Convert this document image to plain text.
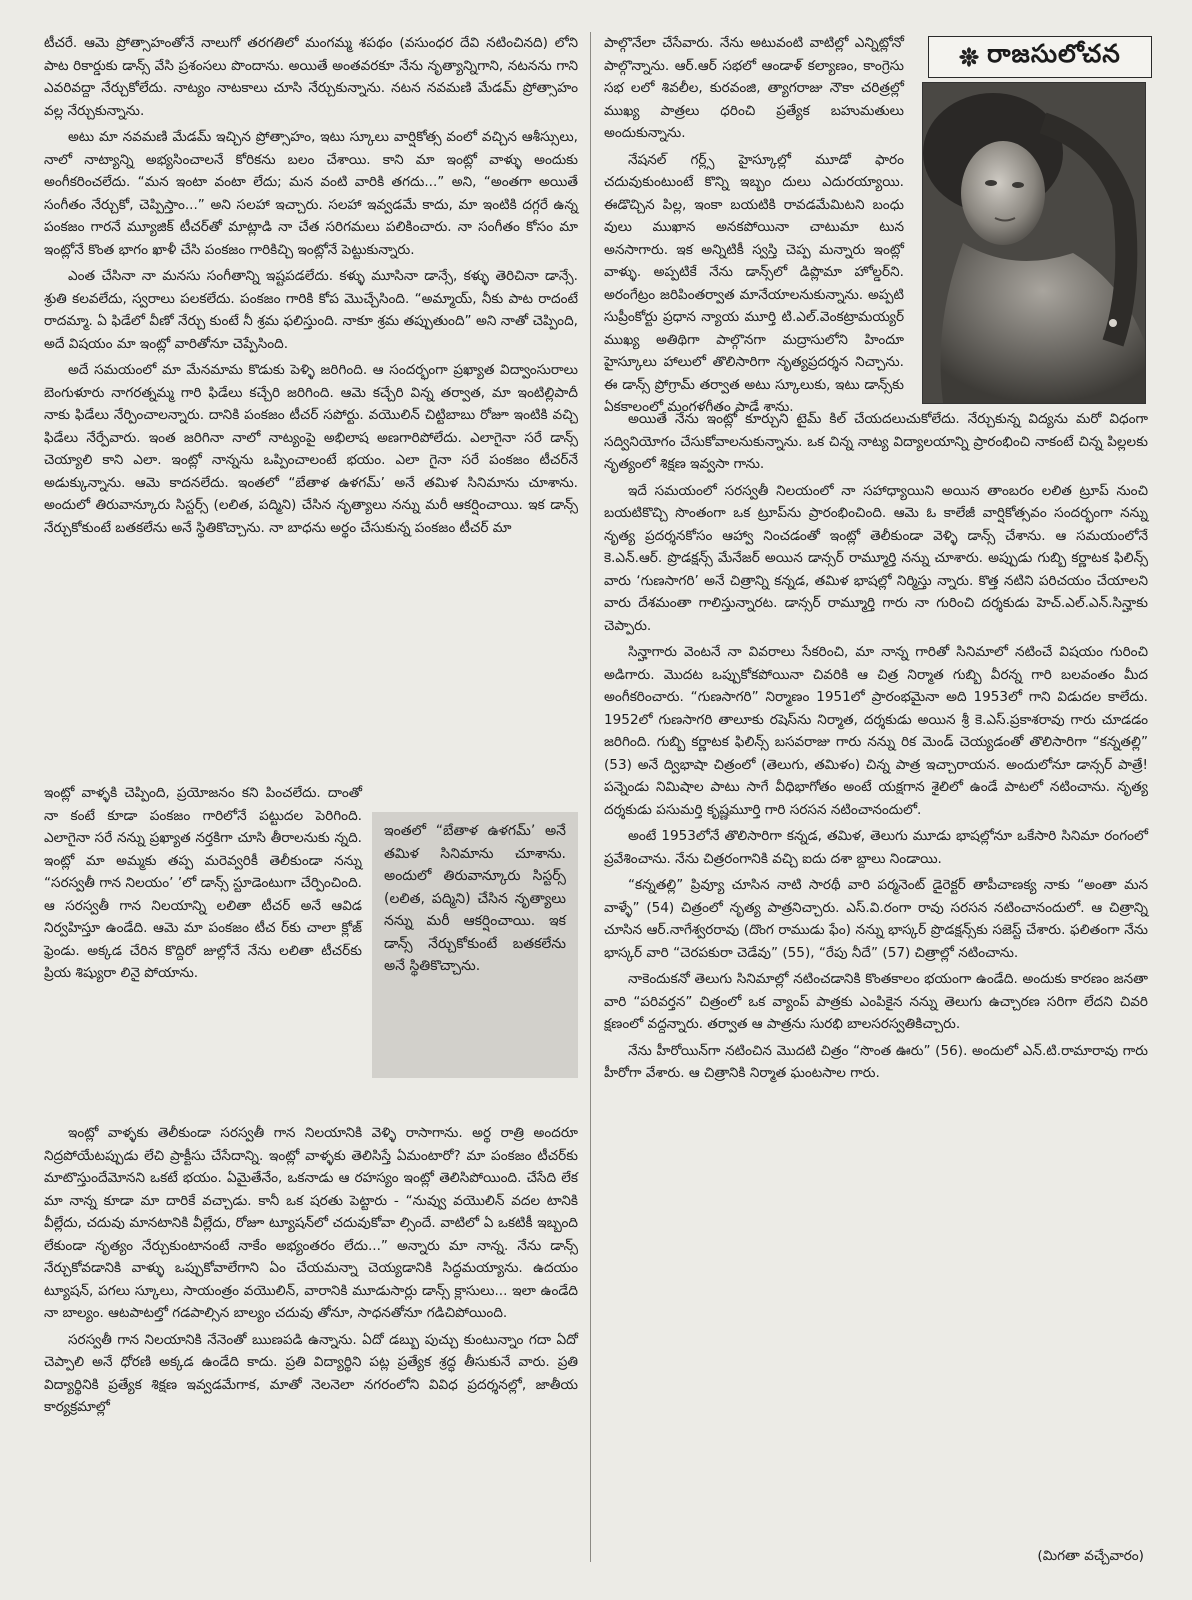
టీచరే. ఆమె ప్రోత్సాహంతోనే నాలుగో తరగతిలో మంగమ్మ శపథం (వసుంధర దేవి నటించినది) లోని పాట రికార్డుకు డాన్స్ వేసి ప్రశంసలు పొందాను. అయితే అంతవరకూ నేను నృత్యాన్నిగాని, నటనను గాని ఎవరివద్దా నేర్చుకోలేదు. నాట్యం నాటకాలు చూసి నేర్చుకున్నాను. నటన నవమణి మేడమ్ ప్రోత్సాహం వల్ల నేర్చుకున్నాను.

అటు మా నవమణి మేడమ్ ఇచ్చిన ప్రోత్సాహం, ఇటు స్కూలు వార్షికోత్స వంలో వచ్చిన ఆశీస్సులు, నాలో నాట్యాన్ని అభ్యసించాలనే కోరికను బలం చేశాయి. కాని మా ఇంట్లో వాళ్ళు అందుకు అంగీకరించలేదు. “మన ఇంటా వంటా లేదు; మన వంటి వారికి తగదు...” అని, “అంతగా అయితే సంగీతం నేర్చుకో, చెప్పిస్తాం...” అని సలహా ఇచ్చారు. సలహా ఇవ్వడమే కాదు, మా ఇంటికి దగ్గరే ఉన్న పంకజం గారనే మ్యూజిక్ టీచర్‌తో మాట్లాడి నా చేత సరిగమలు పలికించారు. నా సంగీతం కోసం మా ఇంట్లోనే కొంత భాగం ఖాళీ చేసి పంకజం గారికిచ్చి ఇంట్లోనే పెట్టుకున్నారు.

ఎంత చేసినా నా మనసు సంగీతాన్ని ఇష్టపడలేదు. కళ్ళు మూసినా డాన్సే, కళ్ళు తెరిచినా డాన్సే. శ్రుతి కలవలేదు, స్వరాలు పలకలేదు. పంకజం గారికి కోప మొచ్చేసింది. “అమ్మాయ్, నీకు పాట రాదంటే రాదమ్మా. ఏ ఫిడేలో వీణో నేర్చు కుంటే నీ శ్రమ ఫలిస్తుంది. నాకూ శ్రమ తప్పుతుంది” అని నాతో చెప్పింది, అదే విషయం మా ఇంట్లో వారితోనూ చెప్పేసింది.

అదే సమయంలో మా మేనమామ కొడుకు పెళ్ళి జరిగింది. ఆ సందర్భంగా ప్రఖ్యాత విద్వాంసురాలు బెంగుళూరు నాగరత్నమ్మ గారి ఫిడేలు కచ్చేరి జరిగింది. ఆమె కచ్చేరి విన్న తర్వాత, మా ఇంటిల్లిపాదీ నాకు ఫిడేలు నేర్పించాలన్నారు. దానికి పంకజం టీచర్ సపోర్టు. వయొలిన్ చిట్టిబాబు రోజూ ఇంటికి వచ్చి ఫిడేలు నేర్పేవారు. ఇంత జరిగినా నాలో నాట్యంపై అభిలాష అణగారిపోలేదు. ఎలాగైనా సరే డాన్స్ చెయ్యాలి కాని ఎలా. ఇంట్లో నాన్నను ఒప్పించాలంటే భయం. ఎలా గైనా సరే పంకజం టీచర్‌నే అడుక్కున్నాను. ఆమె కాదనలేదు. ఇంతలో “బేతాళ ఉళగమ్’ అనే తమిళ సినిమాను చూశాను. అందులో తిరువాన్కూరు సిస్టర్స్ (లలిత, పద్మిని) చేసిన నృత్యాలు నన్ను మరీ ఆకర్షించాయి. ఇక డాన్స్ నేర్చుకోకుంటే బతకలేను అనే స్థితికొచ్చాను. నా బాధను అర్థం చేసుకున్న పంకజం టీచర్ మా

ఇంట్లో వాళ్ళకి చెప్పింది, ప్రయోజనం కని పించలేదు. దాంతో నా కంటే కూడా పంకజం గారిలోనే పట్టుదల పెరిగింది. ఎలాగైనా సరే నన్ను ప్రఖ్యాత నర్తకిగా చూసి తీరాలనుకు న్నది. ఇంట్లో మా అమ్మకు తప్ప మరెవ్వరికీ తెలీకుండా నన్ను “సరస్వతీ గాన నిలయం’ ’లో డాన్స్ స్టూడెంటుగా చేర్పించింది. ఆ సరస్వతీ గాన నిలయాన్ని లలితా టీచర్ అనే ఆవిడ నిర్వహిస్తూ ఉండేది. ఆమె మా పంకజం టీచ ర్‌కు చాలా క్లోజ్ ఫ్రెండు. అక్కడ చేరిన కొద్దిరో జుల్లోనే నేను లలితా టీచర్‌కు ప్రియ శిష్యురా లినై పోయాను.

ఇంతలో “బేతాళ ఉళగమ్’ అనే తమిళ సినిమాను చూశాను. అందులో తిరువాన్కూరు సిస్టర్స్ (లలిత, పద్మిని) చేసిన నృత్యాలు నన్ను మరీ ఆకర్షించాయి. ఇక డాన్స్ నేర్చుకోకుంటే బతకలేను అనే స్థితికొచ్చాను.

ఇంట్లో వాళ్ళకు తెలీకుండా సరస్వతీ గాన నిలయానికి వెళ్ళి రాసాగాను. అర్థ రాత్రి అందరూ నిద్రపోయేటప్పుడు లేచి ప్రాక్టీసు చేసేదాన్ని. ఇంట్లో వాళ్ళకు తెలిసిస్తే ఏమంటారో? మా పంకజం టీచర్‌కు మాటొస్తుందేమోనని ఒకటే భయం. ఏమైతేనేం, ఒకనాడు ఆ రహస్యం ఇంట్లో తెలిసిపోయింది. చేసేది లేక మా నాన్న కూడా మా దారికే వచ్చాడు. కానీ ఒక షరతు పెట్టారు - “నువ్వు వయొలిన్ వదల టానికి వీల్లేదు, చదువు మానటానికి వీల్లేదు, రోజూ ట్యూషన్‌లో చదువుకోవా ల్సిందే. వాటిలో ఏ ఒకటికీ ఇబ్బంది లేకుండా నృత్యం నేర్చుకుంటానంటే నాకేం అభ్యంతరం లేదు...” అన్నారు మా నాన్న. నేను డాన్స్ నేర్చుకోవడానికి వాళ్ళు ఒప్పుకోవాలేగాని ఏం చేయమన్నా చెయ్యడానికి సిద్ధమయ్యాను. ఉదయం ట్యూషన్, పగలు స్కూలు, సాయంత్రం వయొలిన్, వారానికి మూడుసార్లు డాన్స్ క్లాసులు... ఇలా ఉండేది నా బాల్యం. ఆటపాటల్తో గడపాల్సిన బాల్యం చదువు తోనూ, సాధనతోనూ గడిచిపోయింది.

సరస్వతీ గాన నిలయానికి నేనెంతో ఋణపడి ఉన్నాను. ఏదో డబ్బు పుచ్చు కుంటున్నాం గదా ఏదో చెప్పాలి అనే ధోరణి అక్కడ ఉండేది కాదు. ప్రతి విద్యార్థిని పట్ల ప్రత్యేక శ్రద్ధ తీసుకునే వారు. ప్రతి విద్యార్థినికి ప్రత్యేక శిక్షణ ఇవ్వడమేగాక, మాతో నెలనెలా నగరంలోని వివిధ ప్రదర్శనల్లో, జాతీయ కార్యక్రమాల్లో

రాజసులోచన

పాల్గొనేలా చేసేవారు. నేను అటువంటి వాటిల్లో ఎన్నిట్లోనో పాల్గొన్నాను. ఆర్.ఆర్ సభలో ఆండాళ్ కల్యాణం, కాంగ్రెసు సభ లలో శివలీల, కురవంజి, త్యాగరాజు నౌకా చరిత్రల్లో ముఖ్య పాత్రలు ధరించి ప్రత్యేక బహుమతులు అందుకున్నాను.

నేషనల్ గర్ల్స్ హైస్కూల్లో మూడో ఫారం చదువుకుంటుంటే కొన్ని ఇబ్బం దులు ఎదురయ్యాయి. ఈడొచ్చిన పిల్ల, ఇంకా బయటికి రావడమేమిటని బంధు వులు ముఖాన అనకపోయినా చాటుమా టున అనసాగారు. ఇక అన్నిటికీ స్వస్తి చెప్ప మన్నారు ఇంట్లో వాళ్ళు. అప్పటికే నేను డాన్స్‌లో డిప్లొమా హోల్డర్‌ని. అరంగేట్రం జరిపింతర్వాత మానేయాలనుకున్నాను. అప్పటి సుప్రీంకోర్టు ప్రధాన న్యాయ మూర్తి టి.ఎల్.వెంకట్రామయ్యర్ ముఖ్య అతిథిగా పాల్గొనగా మద్రాసులోని హిందూ హైస్కూలు హాలులో తొలిసారిగా నృత్యప్రదర్శన నిచ్చాను. ఈ డాన్స్ ప్రోగ్రామ్ తర్వాత అటు స్కూలుకు, ఇటు డాన్స్‌కు ఏకకాలంలో మంగళగీతం పాడే శాను.

అయితే నేను ఇంట్లో కూర్చుని టైమ్ కిల్ చేయదలుచుకోలేదు. నేర్చుకున్న విద్యను మరో విధంగా సద్వినియోగం చేసుకోవాలనుకున్నాను. ఒక చిన్న నాట్య విద్యాలయాన్ని ప్రారంభించి నాకంటే చిన్న పిల్లలకు నృత్యంలో శిక్షణ ఇవ్వసా గాను.

ఇదే సమయంలో సరస్వతీ నిలయంలో నా సహాధ్యాయిని అయిన తాంబరం లలిత ట్రూప్ నుంచి బయటికొచ్చి సొంతంగా ఒక ట్రూప్‌ను ప్రారంభించింది. ఆమె ఓ కాలేజీ వార్షికోత్సవం సందర్భంగా నన్ను నృత్య ప్రదర్శనకోసం ఆహ్వా నించడంతో ఇంట్లో తెలీకుండా వెళ్ళి డాన్స్ చేశాను. ఆ సమయంలోనే కె.ఎన్.ఆర్. ప్రొడక్షన్స్ మేనేజర్ అయిన డాన్సర్ రామ్మూర్తి నన్ను చూశారు. అప్పుడు గుబ్బి కర్ణాటక ఫిలిన్స్ వారు ‘గుణసాగరి’ అనే చిత్రాన్ని కన్నడ, తమిళ భాషల్లో నిర్మిస్తు న్నారు. కొత్త నటిని పరిచయం చేయాలని వారు దేశమంతా గాలిస్తున్నారట. డాన్సర్ రామ్మూర్తి గారు నా గురించి దర్శకుడు హెచ్.ఎల్.ఎన్.సిన్హాకు చెప్పారు.

సిన్హాగారు వెంటనే నా వివరాలు సేకరించి, మా నాన్న గారితో సినిమాలో నటించే విషయం గురించి అడిగారు. మొదట ఒప్పుకోకపోయినా చివరికి ఆ చిత్ర నిర్మాత గుబ్బి వీరన్న గారి బలవంతం మీద అంగీకరించారు. “గుణసాగరి” నిర్మాణం 1951లో ప్రారంభమైనా అది 1953లో గాని విడుదల కాలేదు. 1952లో గుణసాగరి తాలూకు రషెస్‌ను నిర్మాత, దర్శకుడు అయిన శ్రీ కె.ఎస్.ప్రకాశరావు గారు చూడడం జరిగింది. గుబ్బి కర్ణాటక ఫిలిన్స్ బసవరాజు గారు నన్ను రిక మెండ్ చెయ్యడంతో తొలిసారిగా “కన్నతల్లి” (53) అనే ద్విభాషా చిత్రంలో (తెలుగు, తమిళం) చిన్న పాత్ర ఇచ్చారాయన. అందులోనూ డాన్సర్ పాత్రే! పన్నెండు నిమిషాల పాటు సాగే వీధిభాగోతం అంటే యక్షగాన శైలిలో ఉండే పాటలో నటించాను. నృత్య దర్శకుడు పసుమర్తి కృష్ణమూర్తి గారి సరసన నటించానందులో.

అంటే 1953లోనే తొలిసారిగా కన్నడ, తమిళ, తెలుగు మూడు భాషల్లోనూ ఒకేసారి సినిమా రంగంలో ప్రవేశించాను. నేను చిత్రరంగానికి వచ్చి ఐదు దశా బ్దాలు నిండాయి.

“కన్నతల్లి” ప్రివ్యూ చూసిన నాటి సారథీ వారి పర్మనెంట్ డైరెక్టర్ తాపీచాణక్య నాకు “అంతా మన వాళ్ళే” (54) చిత్రంలో నృత్య పాత్రనిచ్చారు. ఎస్.వి.రంగా రావు సరసన నటించానందులో. ఆ చిత్రాన్ని చూసిన ఆర్.నాగేశ్వరరావు (దొంగ రాముడు ఫేం) నన్ను భాస్కర్ ప్రొడక్షన్స్‌కు సజెస్ట్ చేశారు. ఫలితంగా నేను భాస్కర్ వారి “చెరపకురా చెడేవు” (55), “రేపు నీదే” (57) చిత్రాల్లో నటించాను.

నాకెందుకనో తెలుగు సినిమాల్లో నటించడానికి కొంతకాలం భయంగా ఉండేది. అందుకు కారణం జనతా వారి “పరివర్తన” చిత్రంలో ఒక వ్యాంప్ పాత్రకు ఎంపికైన నన్ను తెలుగు ఉచ్చారణ సరిగా లేదని చివరి క్షణంలో వద్దన్నారు. తర్వాత ఆ పాత్రను సురభి బాలసరస్వతికిచ్చారు.

నేను హీరోయిన్‌గా నటించిన మొదటి చిత్రం “సొంత ఊరు” (56). అందులో ఎన్.టి.రామారావు గారు హీరోగా వేశారు. ఆ చిత్రానికి నిర్మాత ఘంటసాల గారు.

(మిగతా వచ్చేవారం)
